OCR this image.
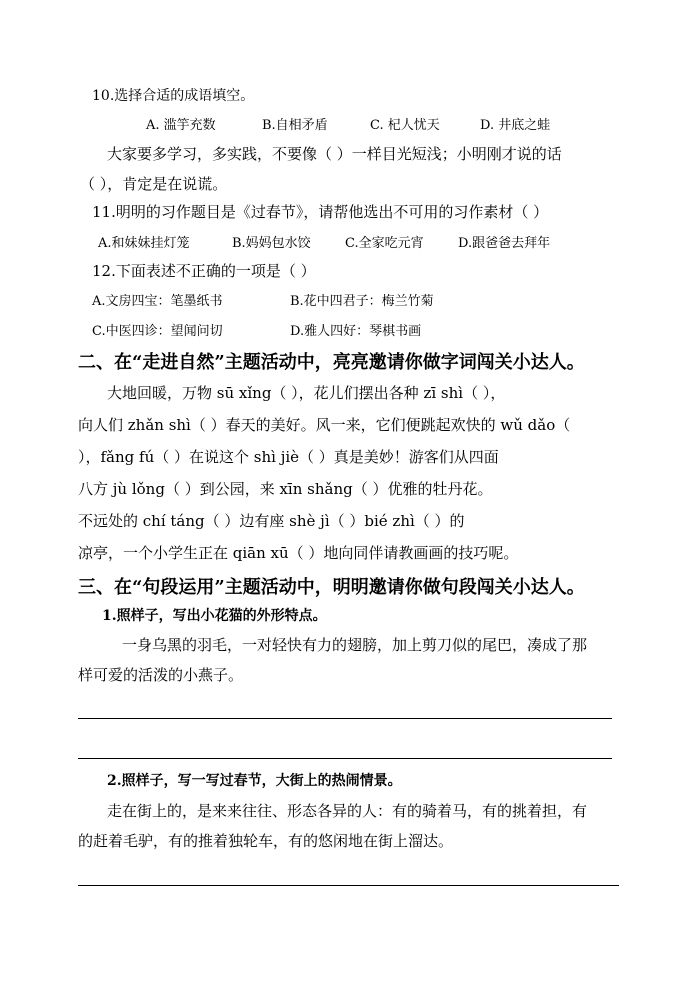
10.选择合适的成语填空。
A. 滥竽充数	B.自相矛盾	C. 杞人忧天	D. 井底之蛙
大家要多学习，多实践，不要像（ ）一样目光短浅；小明刚才说的话
（ ），肯定是在说谎。
11.明明的习作题目是《过春节》，请帮他选出不可用的习作素材（ ）
A.和妹妹挂灯笼	B.妈妈包水饺	C.全家吃元宵	D.跟爸爸去拜年
12.下面表述不正确的一项是（ ）
A.文房四宝：笔墨纸书	B.花中四君子：梅兰竹菊
C.中医四诊：望闻问切	D.雅人四好：琴棋书画
二、在“走进自然”主题活动中，亮亮邀请你做字词闯关小达人。
大地回暖，万物 sū xǐng（ ），花儿们摆出各种 zī shì（ ），
向人们 zhǎn shì（ ）春天的美好。风一来，它们便跳起欢快的 wǔ dǎo（
），fǎng fú（ ）在说这个 shì jiè（ ）真是美妙！游客们从四面
八方 jù lǒng（ ）到公园，来 xīn shǎng（ ）优雅的牡丹花。
不远处的 chí táng（ ）边有座 shè jì（ ）bié zhì（ ）的
凉亭，一个小学生正在 qiān xū（ ）地向同伴请教画画的技巧呢。
三、在“句段运用”主题活动中，明明邀请你做句段闯关小达人。
1.照样子，写出小花猫的外形特点。
一身乌黑的羽毛，一对轻快有力的翅膀，加上剪刀似的尾巴，凑成了那
样可爱的活泼的小燕子。
2.照样子，写一写过春节，大街上的热闹情景。
走在街上的，是来来往往、形态各异的人：有的骑着马，有的挑着担，有
的赶着毛驴，有的推着独轮车，有的悠闲地在街上溜达。
